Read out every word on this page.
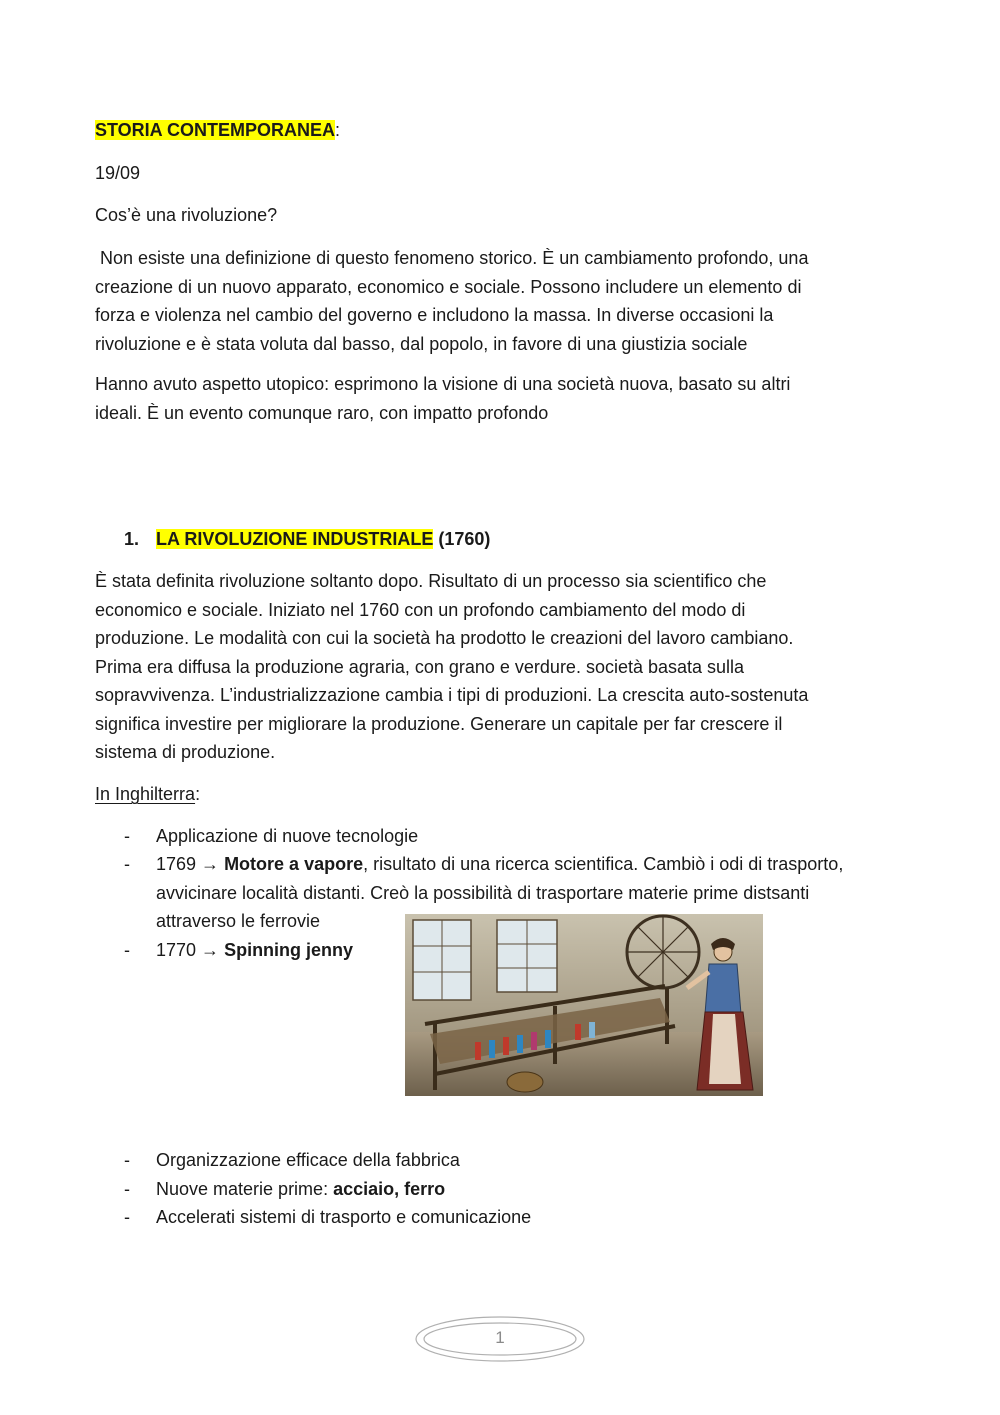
STORIA CONTEMPORANEA:
19/09
Cos’è una rivoluzione?
Non esiste una definizione di questo fenomeno storico. È un cambiamento profondo, una
creazione di un nuovo apparato, economico e sociale. Possono includere un elemento di
forza e violenza nel cambio del governo e includono la massa. In diverse occasioni la
rivoluzione e è stata voluta dal basso, dal popolo, in favore di una giustizia sociale
Hanno avuto aspetto utopico: esprimono la visione di una società nuova, basato su altri
ideali. È un evento comunque raro, con impatto profondo
1. LA RIVOLUZIONE INDUSTRIALE (1760)
È stata definita rivoluzione soltanto dopo. Risultato di un processo sia scientifico che
economico e sociale. Iniziato nel 1760 con un profondo cambiamento del modo di
produzione. Le modalità con cui la società ha prodotto le creazioni del lavoro cambiano.
Prima era diffusa la produzione agraria, con grano e verdure. società basata sulla
sopravvivenza. L’industrializzazione cambia i tipi di produzioni. La crescita auto-sostenuta
significa investire per migliorare la produzione. Generare un capitale per far crescere il
sistema di produzione.
In Inghilterra:
- Applicazione di nuove tecnologie
- 1769 → Motore a vapore, risultato di una ricerca scientifica. Cambiò i odi di trasporto,
avvicinare località distanti. Creò la possibilità di trasportare materie prime distsanti
attraverso le ferrovie
- 1770 → Spinning jenny
- Organizzazione efficace della fabbrica
- Nuove materie prime: acciaio, ferro
- Accelerati sistemi di trasporto e comunicazione
1
